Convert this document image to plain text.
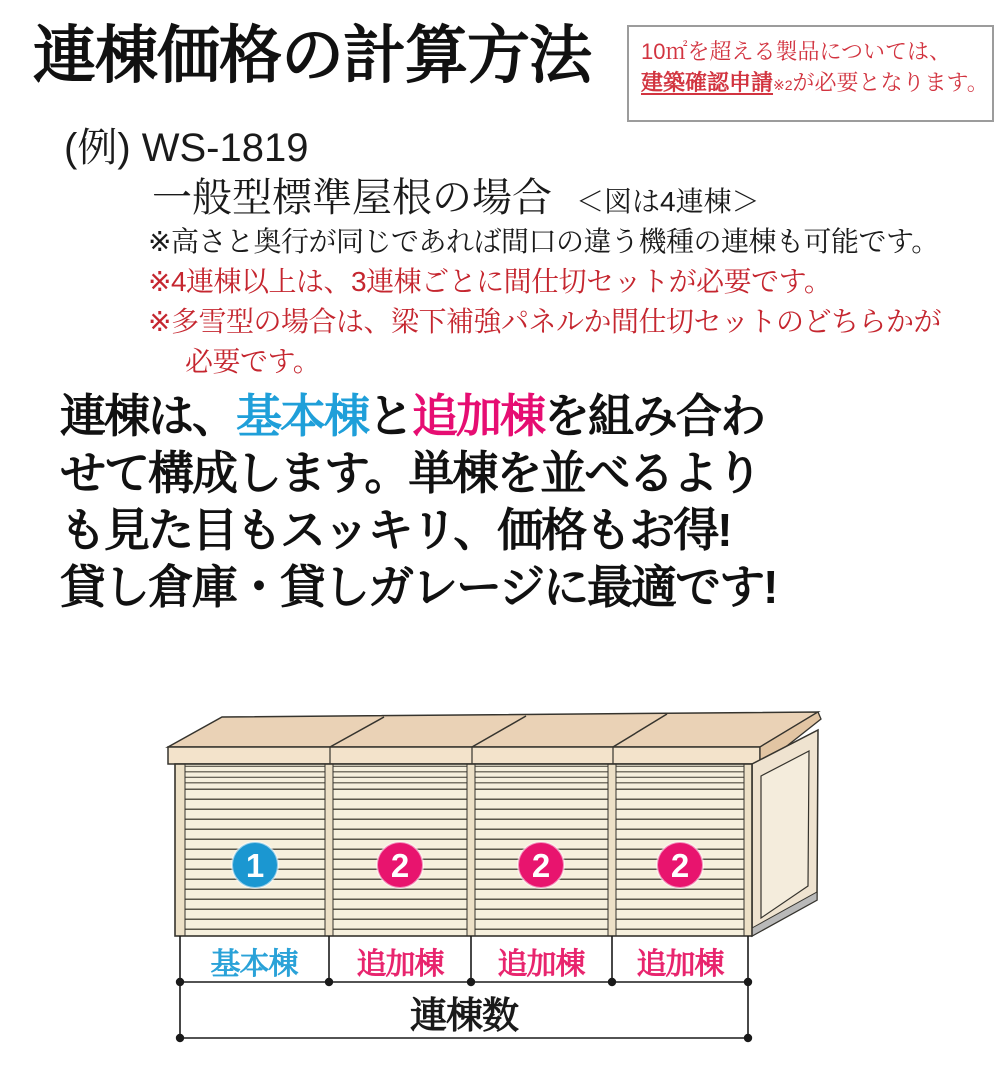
連棟価格の計算方法 10㎡を超える製品については、
建築確認申請※2が必要となります。
(例) WS-1819
一般型標準屋根の場合 ＜図は4連棟＞
※高さと奥行が同じであれば間口の違う機種の連棟も可能です。
※4連棟以上は、3連棟ごとに間仕切セットが必要です。
※多雪型の場合は、梁下補強パネルか間仕切セットのどちらかが
必要です。
連棟は、基本棟と追加棟を組み合わ
せて構成します。単棟を並べるより
も見た目もスッキリ、価格もお得!
貸し倉庫・貸しガレージに最適です!
1	2	2	2
基本棟 追加棟 追加棟 追加棟
連棟数
